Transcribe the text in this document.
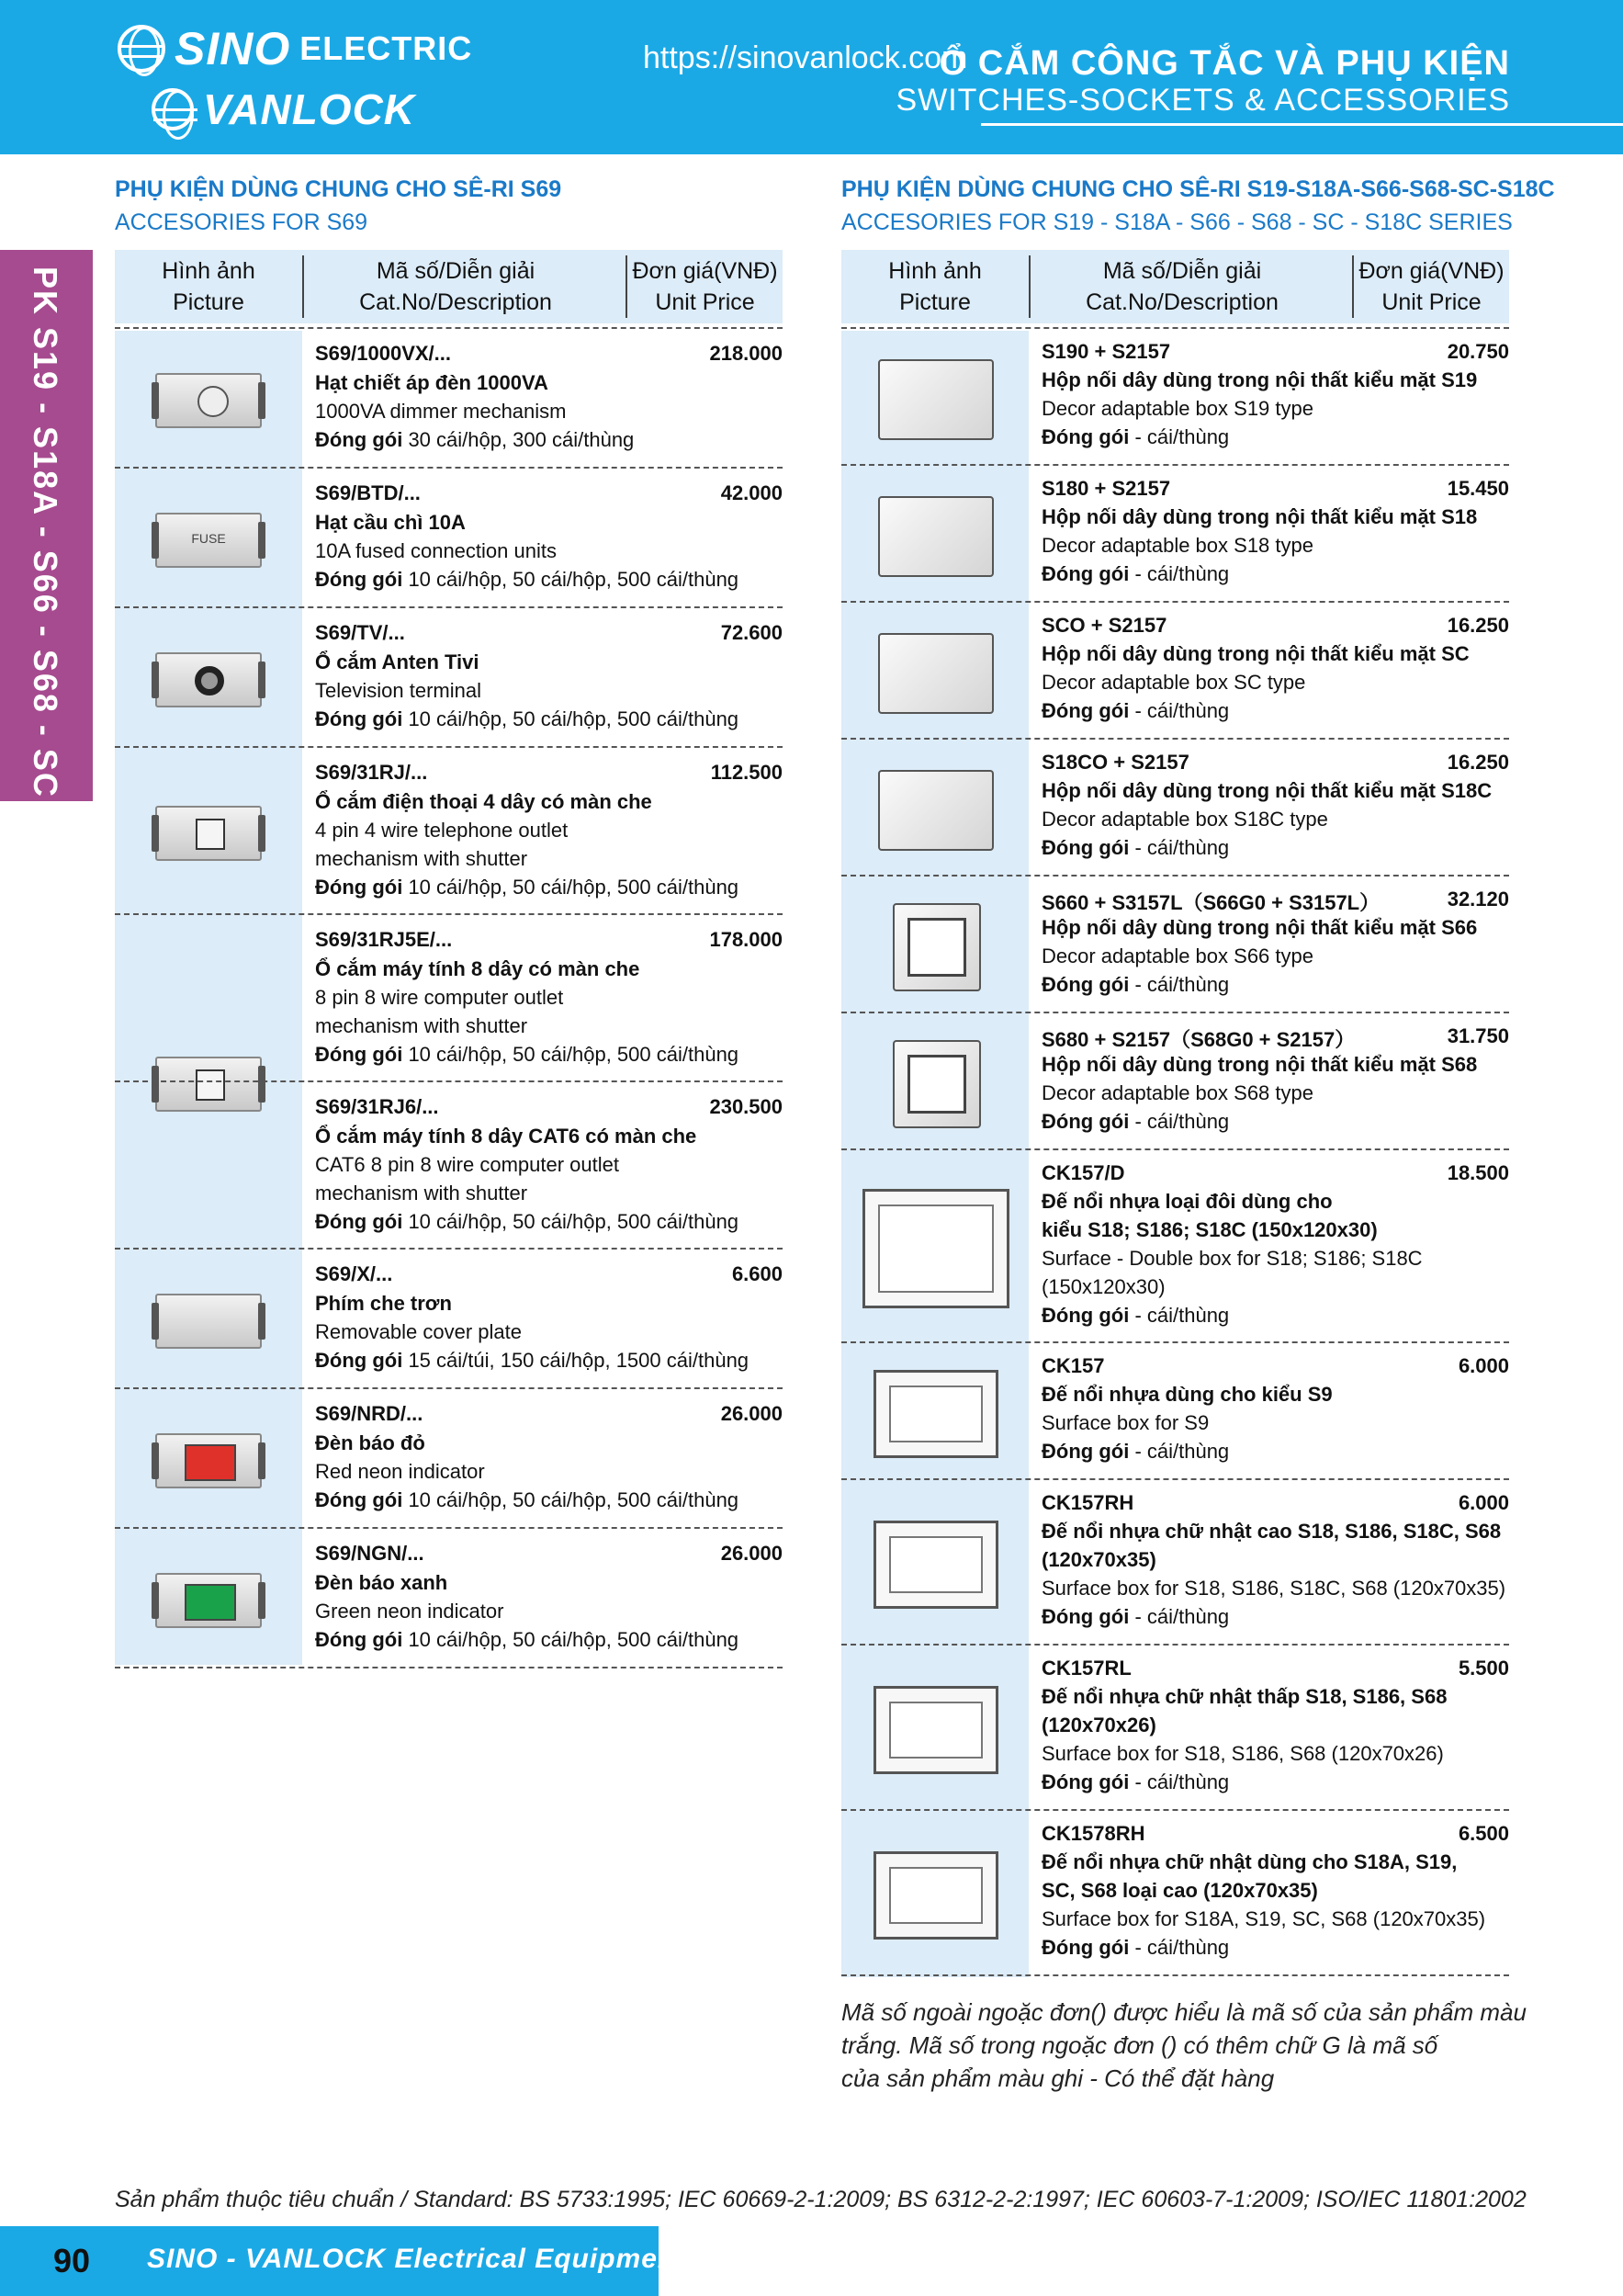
SINO ELECTRIC
VANLOCK
https://sinovanlock.com
Ổ CẮM CÔNG TẮC VÀ PHỤ KIỆN
SWITCHES-SOCKETS & ACCESSORIES
PK S19 - S18A - S66 - S68 - SC - S18C
PHỤ KIỆN DÙNG CHUNG CHO SÊ-RI S69
ACCESORIES FOR S69
PHỤ KIỆN DÙNG CHUNG CHO SÊ-RI S19-S18A-S66-S68-SC-S18C
ACCESORIES FOR S19 - S18A - S66 - S68 - SC - S18C SERIES
Hình ảnh
Picture
Mã số/Diễn giải
Cat.No/Description
Đơn giá(VNĐ)
Unit Price
S69/1000VX/...	218.000
Hạt chiết áp đèn 1000VA
1000VA dimmer mechanism
Đóng gói 30 cái/hộp, 300 cái/thùng
S69/BTD/...	42.000
Hạt cầu chì 10A
10A fused connection units
Đóng gói 10 cái/hộp, 50 cái/hộp, 500 cái/thùng
FUSE
S69/TV/...	72.600
Ổ cắm Anten Tivi
Television terminal
Đóng gói 10 cái/hộp, 50 cái/hộp, 500 cái/thùng
S69/31RJ/...	112.500
Ổ cắm điện thoại 4 dây có màn che
4 pin 4 wire telephone outlet
mechanism with shutter
Đóng gói 10 cái/hộp, 50 cái/hộp, 500 cái/thùng
S69/31RJ5E/...	178.000
Ổ cắm máy tính 8 dây có màn che
8 pin 8 wire computer outlet
mechanism with shutter
Đóng gói 10 cái/hộp, 50 cái/hộp, 500 cái/thùng
S69/31RJ6/...	230.500
Ổ cắm máy tính 8 dây CAT6 có màn che
CAT6 8 pin 8 wire computer outlet
mechanism with shutter
Đóng gói 10 cái/hộp, 50 cái/hộp, 500 cái/thùng
S69/X/...	6.600
Phím che trơn
Removable cover plate
Đóng gói 15 cái/túi, 150 cái/hộp, 1500 cái/thùng
S69/NRD/...	26.000
Đèn báo đỏ
Red neon indicator
Đóng gói 10 cái/hộp, 50 cái/hộp, 500 cái/thùng
S69/NGN/...	26.000
Đèn báo xanh
Green neon indicator
Đóng gói 10 cái/hộp, 50 cái/hộp, 500 cái/thùng
Hình ảnh
Picture
Mã số/Diễn giải
Cat.No/Description
Đơn giá(VNĐ)
Unit Price
S190 + S2157	20.750
Hộp nối dây dùng trong nội thất kiểu mặt S19
Decor adaptable box S19 type
Đóng gói - cái/thùng
S180 + S2157	15.450
Hộp nối dây dùng trong nội thất kiểu mặt S18
Decor adaptable box S18 type
Đóng gói - cái/thùng
SCO + S2157	16.250
Hộp nối dây dùng trong nội thất kiểu mặt SC
Decor adaptable box SC type
Đóng gói - cái/thùng
S18CO + S2157	16.250
Hộp nối dây dùng trong nội thất kiểu mặt S18C
Decor adaptable box S18C type
Đóng gói - cái/thùng
S660 + S3157L（S66G0 + S3157L）	32.120
Hộp nối dây dùng trong nội thất kiểu mặt S66
Decor adaptable box S66 type
Đóng gói - cái/thùng
S680 + S2157（S68G0 + S2157）	31.750
Hộp nối dây dùng trong nội thất kiểu mặt S68
Decor adaptable box S68 type
Đóng gói - cái/thùng
CK157/D	18.500
Đế nổi nhựa loại đôi dùng cho
kiểu S18; S186; S18C (150x120x30)
Surface - Double box for S18; S186; S18C
(150x120x30)
Đóng gói - cái/thùng
CK157	6.000
Đế nổi nhựa dùng cho kiểu S9
Surface box for S9
Đóng gói - cái/thùng
CK157RH	6.000
Đế nổi nhựa chữ nhật cao S18, S186, S18C, S68
(120x70x35)
Surface box for S18, S186, S18C, S68 (120x70x35)
Đóng gói - cái/thùng
CK157RL	5.500
Đế nổi nhựa chữ nhật thấp S18, S186, S68
(120x70x26)
Surface box for S18, S186, S68 (120x70x26)
Đóng gói - cái/thùng
CK1578RH	6.500
Đế nổi nhựa chữ nhật dùng cho S18A, S19,
SC, S68 loại cao (120x70x35)
Surface box for S18A, S19, SC, S68 (120x70x35)
Đóng gói - cái/thùng
Mã số ngoài ngoặc đơn() được hiểu là mã số của sản phẩm màu
trắng. Mã số trong ngoặc đơn () có thêm chữ G là mã số
của sản phẩm màu ghi - Có thể đặt hàng
Sản phẩm thuộc tiêu chuẩn / Standard: BS 5733:1995; IEC 60669-2-1:2009; BS 6312-2-2:1997; IEC 60603-7-1:2009; ISO/IEC 11801:2002
90 SINO - VANLOCK Electrical Equipment
